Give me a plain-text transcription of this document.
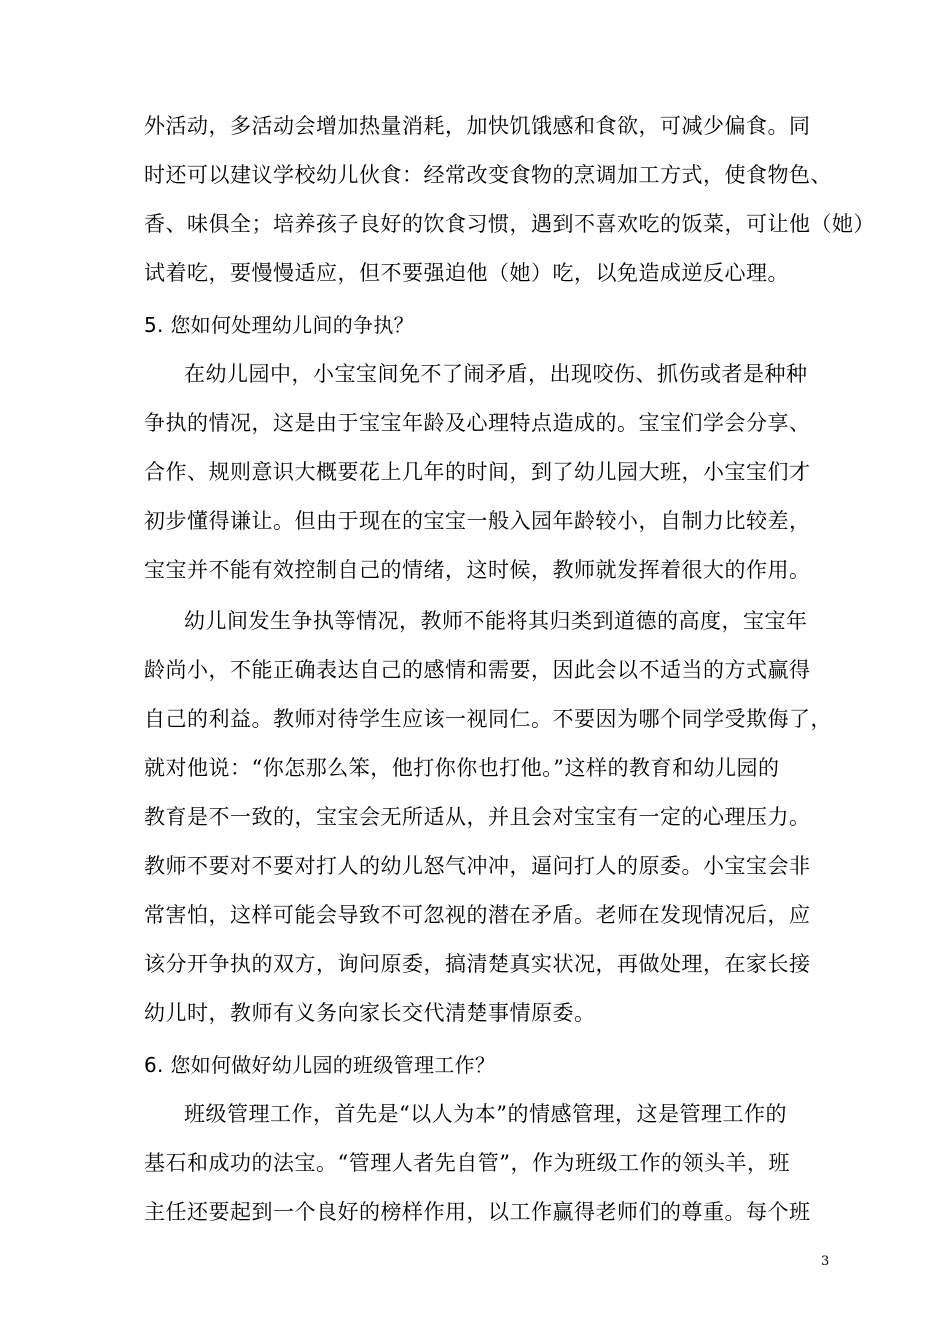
外活动，多活动会增加热量消耗，加快饥饿感和食欲，可减少偏食。同
时还可以建议学校幼儿伙食：经常改变食物的烹调加工方式，使食物色、
香、味俱全；培养孩子良好的饮食习惯，遇到不喜欢吃的饭菜，可让他（她）
试着吃，要慢慢适应，但不要强迫他（她）吃，以免造成逆反心理。
5. 您如何处理幼儿间的争执？
在幼儿园中，小宝宝间免不了闹矛盾，出现咬伤、抓伤或者是种种
争执的情况，这是由于宝宝年龄及心理特点造成的。宝宝们学会分享、
合作、规则意识大概要花上几年的时间，到了幼儿园大班，小宝宝们才
初步懂得谦让。但由于现在的宝宝一般入园年龄较小，自制力比较差，
宝宝并不能有效控制自己的情绪，这时候，教师就发挥着很大的作用。
幼儿间发生争执等情况，教师不能将其归类到道德的高度，宝宝年
龄尚小，不能正确表达自己的感情和需要，因此会以不适当的方式赢得
自己的利益。教师对待学生应该一视同仁。不要因为哪个同学受欺侮了，
就对他说：“你怎那么笨，他打你你也打他。”这样的教育和幼儿园的
教育是不一致的，宝宝会无所适从，并且会对宝宝有一定的心理压力。
教师不要对不要对打人的幼儿怒气冲冲，逼问打人的原委。小宝宝会非
常害怕，这样可能会导致不可忽视的潜在矛盾。老师在发现情况后，应
该分开争执的双方，询问原委，搞清楚真实状况，再做处理，在家长接
幼儿时，教师有义务向家长交代清楚事情原委。
6. 您如何做好幼儿园的班级管理工作？
班级管理工作，首先是“以人为本”的情感管理，这是管理工作的
基石和成功的法宝。“管理人者先自管”，作为班级工作的领头羊，班
主任还要起到一个良好的榜样作用，以工作赢得老师们的尊重。每个班
3
